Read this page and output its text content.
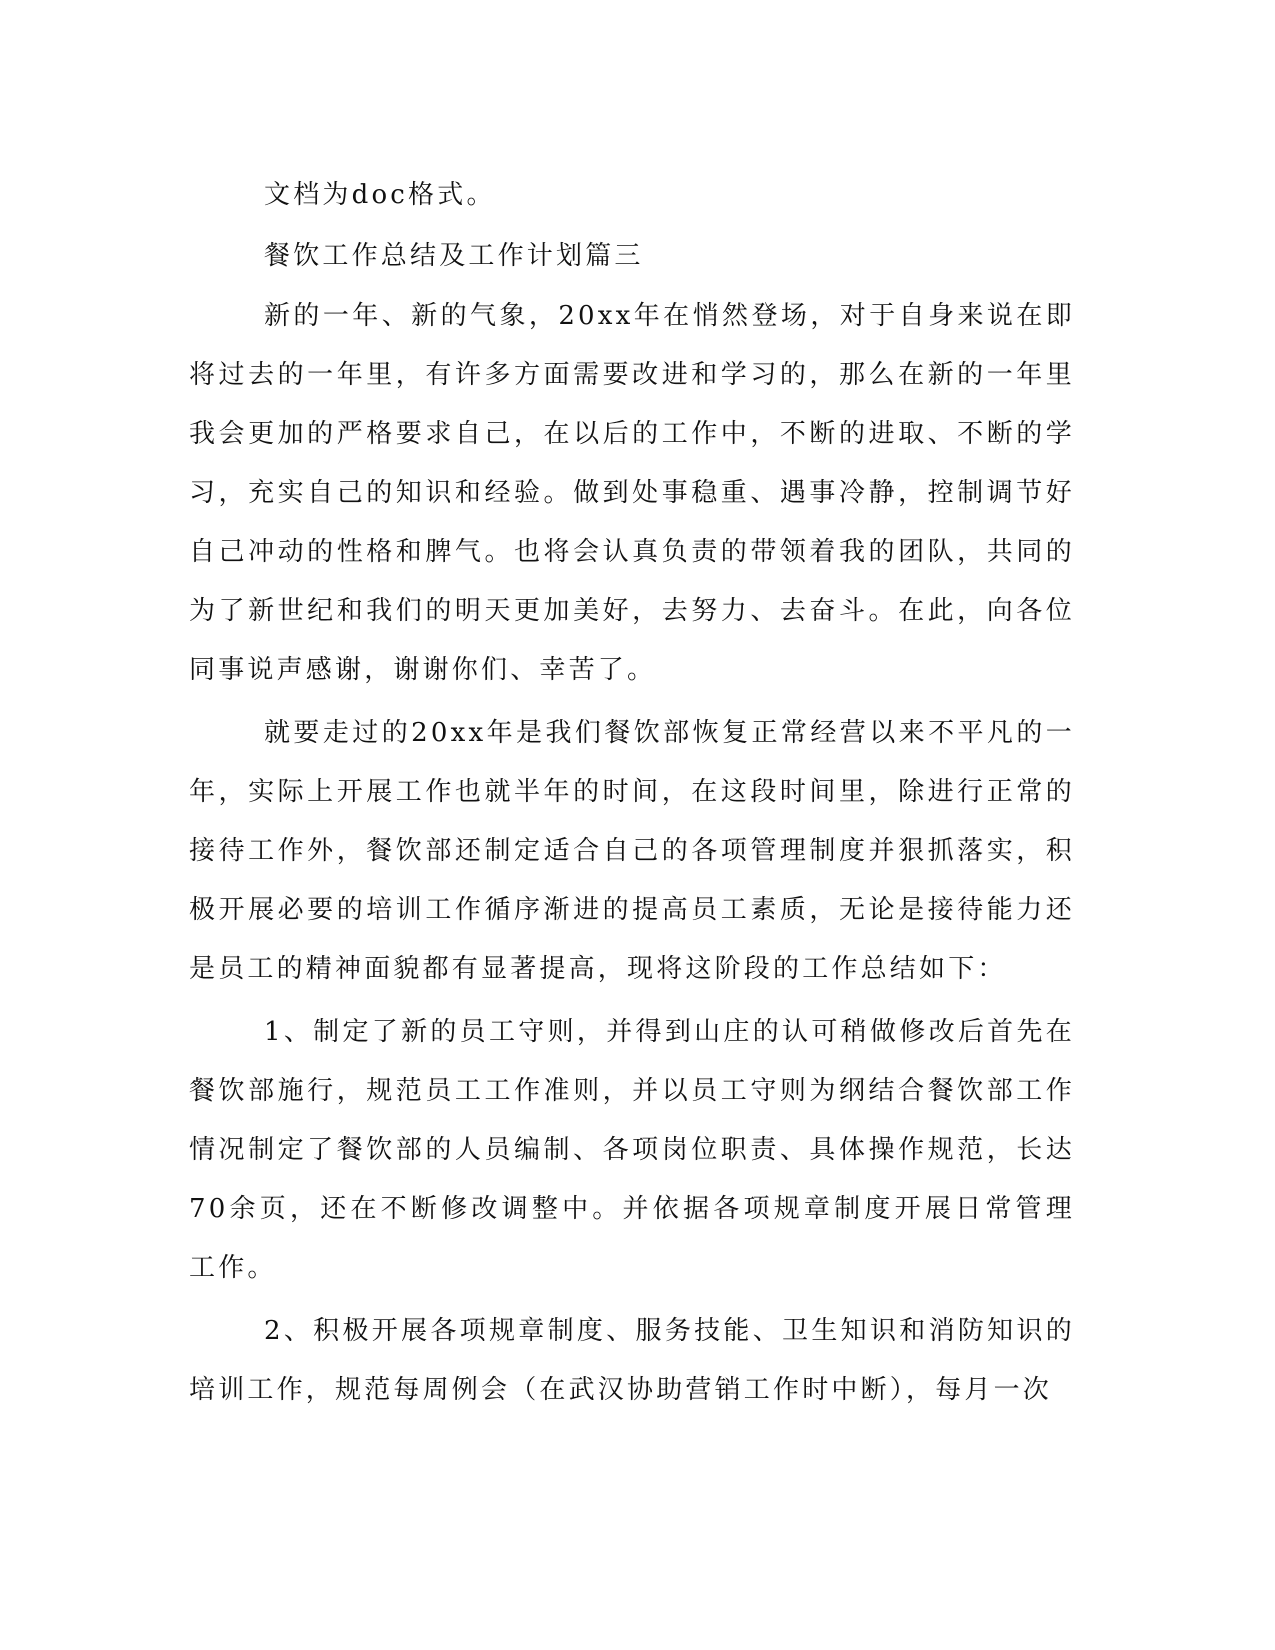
文档为doc格式。

餐饮工作总结及工作计划篇三

新的一年、新的气象，20xx年在悄然登场，对于自身来说在即将过去的一年里，有许多方面需要改进和学习的，那么在新的一年里我会更加的严格要求自己，在以后的工作中，不断的进取、不断的学习，充实自己的知识和经验。做到处事稳重、遇事冷静，控制调节好自己冲动的性格和脾气。也将会认真负责的带领着我的团队，共同的为了新世纪和我们的明天更加美好，去努力、去奋斗。在此，向各位同事说声感谢，谢谢你们、幸苦了。

就要走过的20xx年是我们餐饮部恢复正常经营以来不平凡的一年，实际上开展工作也就半年的时间，在这段时间里，除进行正常的接待工作外，餐饮部还制定适合自己的各项管理制度并狠抓落实，积极开展必要的培训工作循序渐进的提高员工素质，无论是接待能力还是员工的精神面貌都有显著提高，现将这阶段的工作总结如下：

1、制定了新的员工守则，并得到山庄的认可稍做修改后首先在餐饮部施行，规范员工工作准则，并以员工守则为纲结合餐饮部工作情况制定了餐饮部的人员编制、各项岗位职责、具体操作规范，长达70余页，还在不断修改调整中。并依据各项规章制度开展日常管理工作。

2、积极开展各项规章制度、服务技能、卫生知识和消防知识的培训工作，规范每周例会（在武汉协助营销工作时中断），每月一次
